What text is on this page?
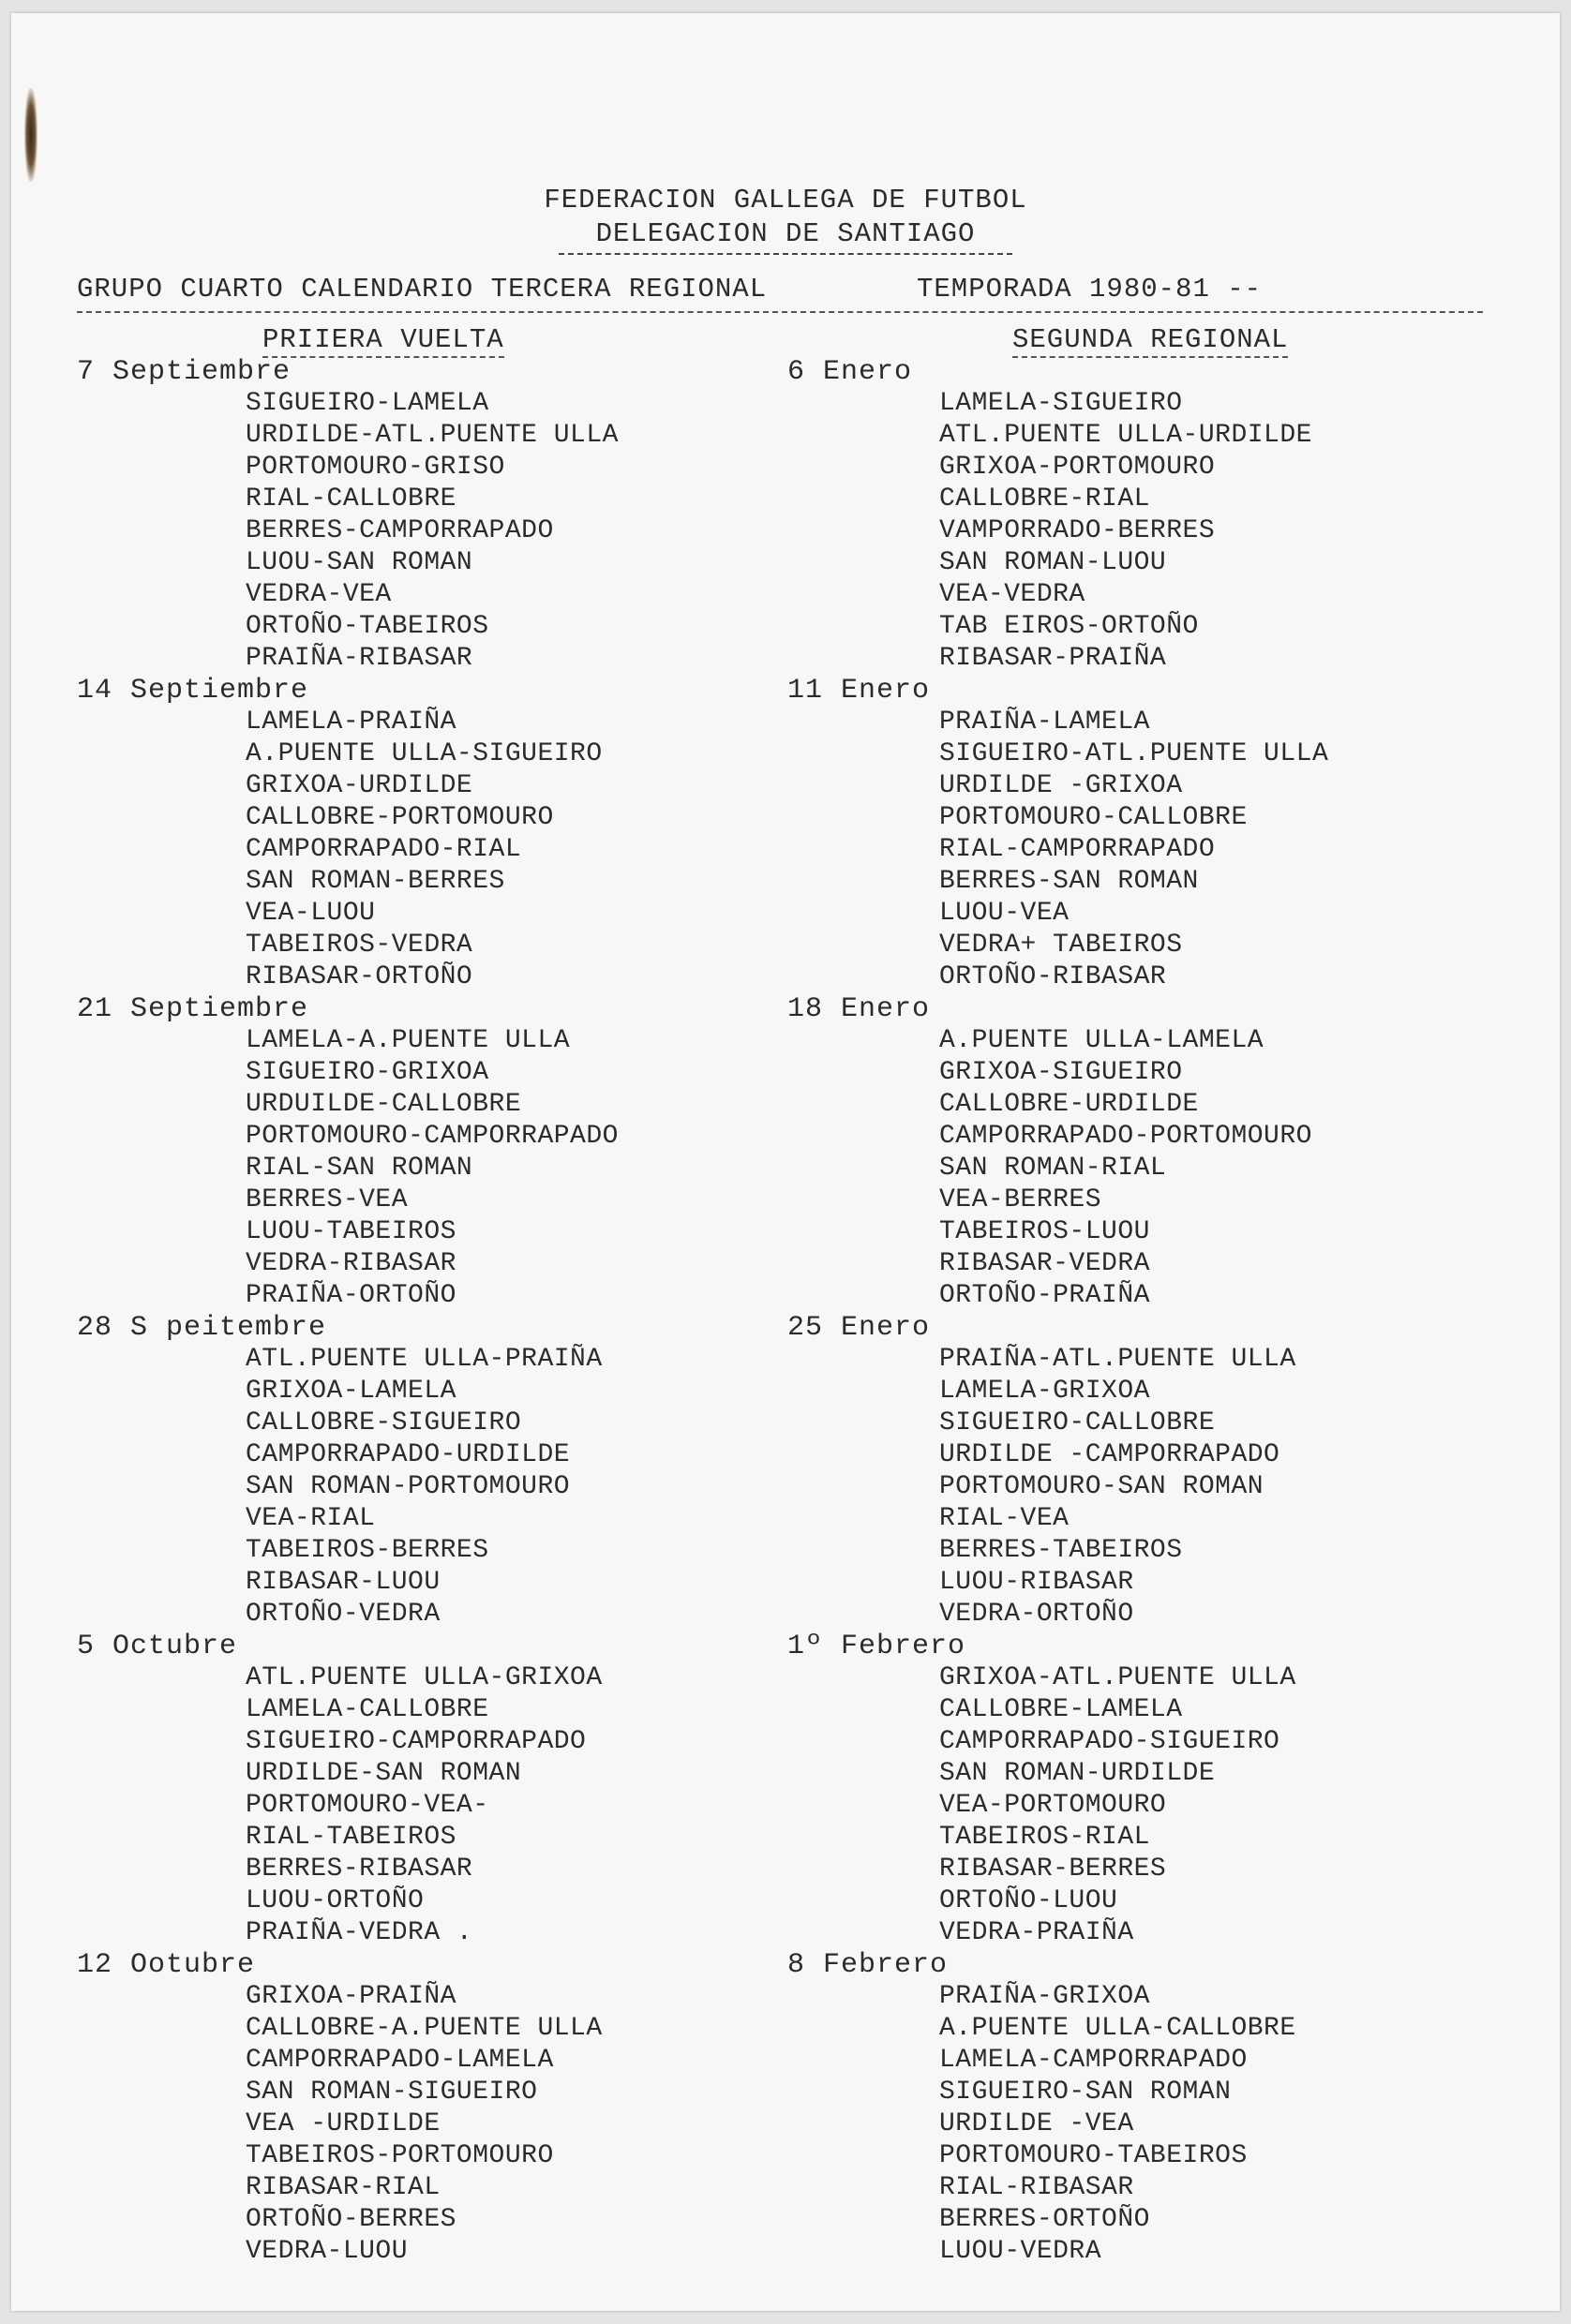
FEDERACION GALLEGA DE FUTBOL
DELEGACION DE SANTIAGO
GRUPO CUARTO CALENDARIO TERCERA REGIONAL	TEMPORADA 1980-81 --
PRIIERA VUELTA	SEGUNDA REGIONAL
7 Septiembre
SIGUEIRO-LAMELA
URDILDE-ATL.PUENTE ULLA
PORTOMOURO-GRISO
RIAL-CALLOBRE
BERRES-CAMPORRAPADO
LUOU-SAN ROMAN
VEDRA-VEA
ORTOÑO-TABEIROS
PRAIÑA-RIBASAR
14 Septiembre
LAMELA-PRAIÑA
A.PUENTE ULLA-SIGUEIRO
GRIXOA-URDILDE
CALLOBRE-PORTOMOURO
CAMPORRAPADO-RIAL
SAN ROMAN-BERRES
VEA-LUOU
TABEIROS-VEDRA
RIBASAR-ORTOÑO
21 Septiembre
LAMELA-A.PUENTE ULLA
SIGUEIRO-GRIXOA
URDUILDE-CALLOBRE
PORTOMOURO-CAMPORRAPADO
RIAL-SAN ROMAN
BERRES-VEA
LUOU-TABEIROS
VEDRA-RIBASAR
PRAIÑA-ORTOÑO
28 S peitembre
ATL.PUENTE ULLA-PRAIÑA
GRIXOA-LAMELA
CALLOBRE-SIGUEIRO
CAMPORRAPADO-URDILDE
SAN ROMAN-PORTOMOURO
VEA-RIAL
TABEIROS-BERRES
RIBASAR-LUOU
ORTOÑO-VEDRA
5 Octubre
ATL.PUENTE ULLA-GRIXOA
LAMELA-CALLOBRE
SIGUEIRO-CAMPORRAPADO
URDILDE-SAN ROMAN
PORTOMOURO-VEA-
RIAL-TABEIROS
BERRES-RIBASAR
LUOU-ORTOÑO
PRAIÑA-VEDRA .
12 Ootubre
GRIXOA-PRAIÑA
CALLOBRE-A.PUENTE ULLA
CAMPORRAPADO-LAMELA
SAN ROMAN-SIGUEIRO
VEA -URDILDE
TABEIROS-PORTOMOURO
RIBASAR-RIAL
ORTOÑO-BERRES
VEDRA-LUOU
6 Enero
LAMELA-SIGUEIRO
ATL.PUENTE ULLA-URDILDE
GRIXOA-PORTOMOURO
CALLOBRE-RIAL
VAMPORRADO-BERRES
SAN ROMAN-LUOU
VEA-VEDRA
TAB EIROS-ORTOÑO
RIBASAR-PRAIÑA
11 Enero
PRAIÑA-LAMELA
SIGUEIRO-ATL.PUENTE ULLA
URDILDE -GRIXOA
PORTOMOURO-CALLOBRE
RIAL-CAMPORRAPADO
BERRES-SAN ROMAN
LUOU-VEA
VEDRA+ TABEIROS
ORTOÑO-RIBASAR
18 Enero
A.PUENTE ULLA-LAMELA
GRIXOA-SIGUEIRO
CALLOBRE-URDILDE
CAMPORRAPADO-PORTOMOURO
SAN ROMAN-RIAL
VEA-BERRES
TABEIROS-LUOU
RIBASAR-VEDRA
ORTOÑO-PRAIÑA
25 Enero
PRAIÑA-ATL.PUENTE ULLA
LAMELA-GRIXOA
SIGUEIRO-CALLOBRE
URDILDE -CAMPORRAPADO
PORTOMOURO-SAN ROMAN
RIAL-VEA
BERRES-TABEIROS
LUOU-RIBASAR
VEDRA-ORTOÑO
1º Febrero
GRIXOA-ATL.PUENTE ULLA
CALLOBRE-LAMELA
CAMPORRAPADO-SIGUEIRO
SAN ROMAN-URDILDE
VEA-PORTOMOURO
TABEIROS-RIAL
RIBASAR-BERRES
ORTOÑO-LUOU
VEDRA-PRAIÑA
8 Febrero
PRAIÑA-GRIXOA
A.PUENTE ULLA-CALLOBRE
LAMELA-CAMPORRAPADO
SIGUEIRO-SAN ROMAN
URDILDE -VEA
PORTOMOURO-TABEIROS
RIAL-RIBASAR
BERRES-ORTOÑO
LUOU-VEDRA
